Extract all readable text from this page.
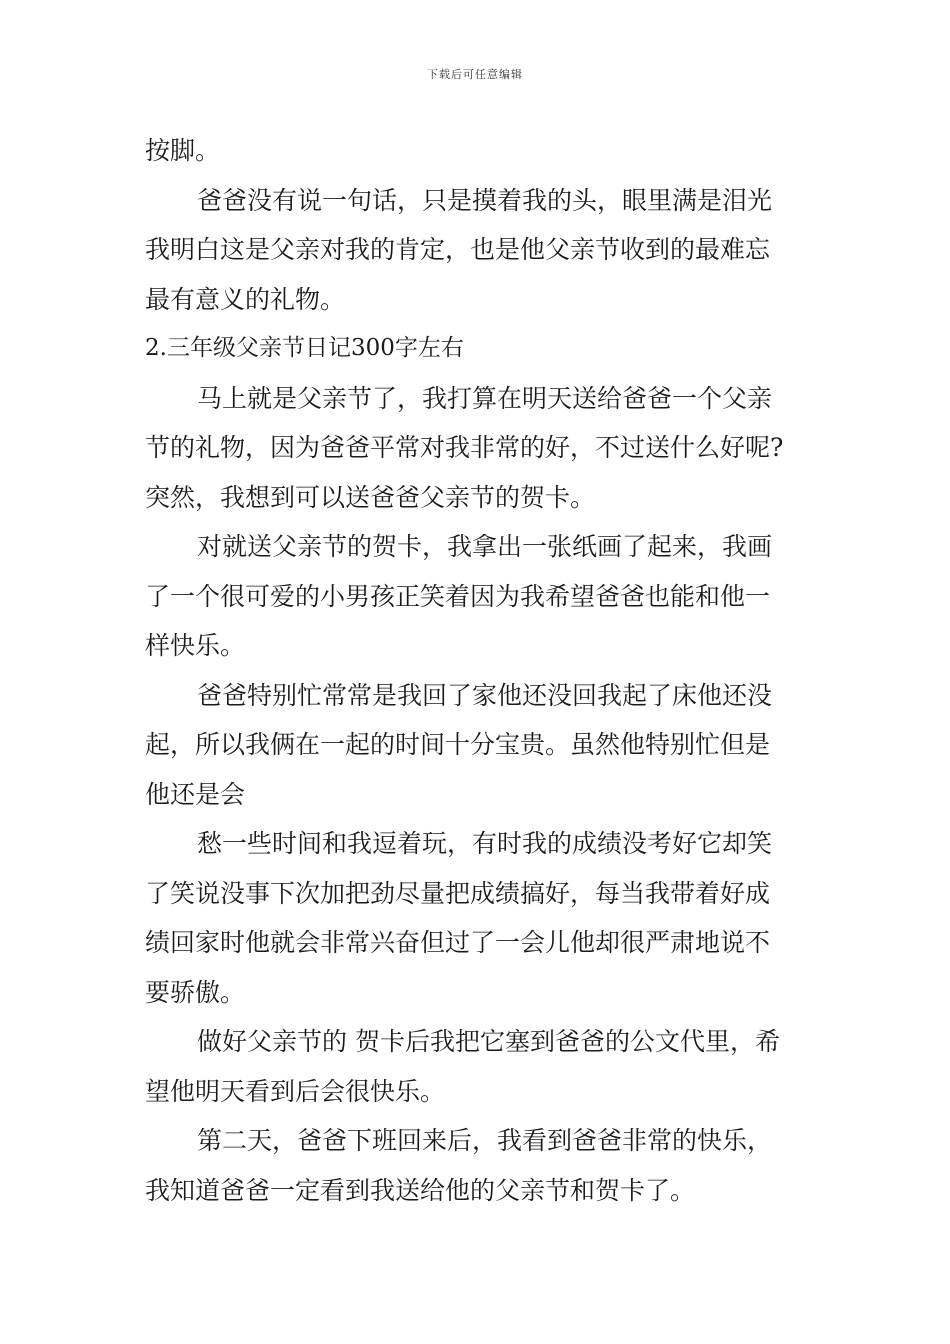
下载后可任意编辑
按脚。
爸爸没有说一句话，只是摸着我的头，眼里满是泪光
我明白这是父亲对我的肯定，也是他父亲节收到的最难忘
最有意义的礼物。
2.三年级父亲节日记300字左右
马上就是父亲节了，我打算在明天送给爸爸一个父亲
节的礼物，因为爸爸平常对我非常的好，不过送什么好呢?
突然，我想到可以送爸爸父亲节的贺卡。
对就送父亲节的贺卡，我拿出一张纸画了起来，我画
了一个很可爱的小男孩正笑着因为我希望爸爸也能和他一
样快乐。
爸爸特别忙常常是我回了家他还没回我起了床他还没
起，所以我俩在一起的时间十分宝贵。虽然他特别忙但是
他还是会
愁一些时间和我逗着玩，有时我的成绩没考好它却笑
了笑说没事下次加把劲尽量把成绩搞好，每当我带着好成
绩回家时他就会非常兴奋但过了一会儿他却很严肃地说不
要骄傲。
做好父亲节的 贺卡后我把它塞到爸爸的公文代里，希
望他明天看到后会很快乐。
第二天，爸爸下班回来后，我看到爸爸非常的快乐，
我知道爸爸一定看到我送给他的父亲节和贺卡了。
